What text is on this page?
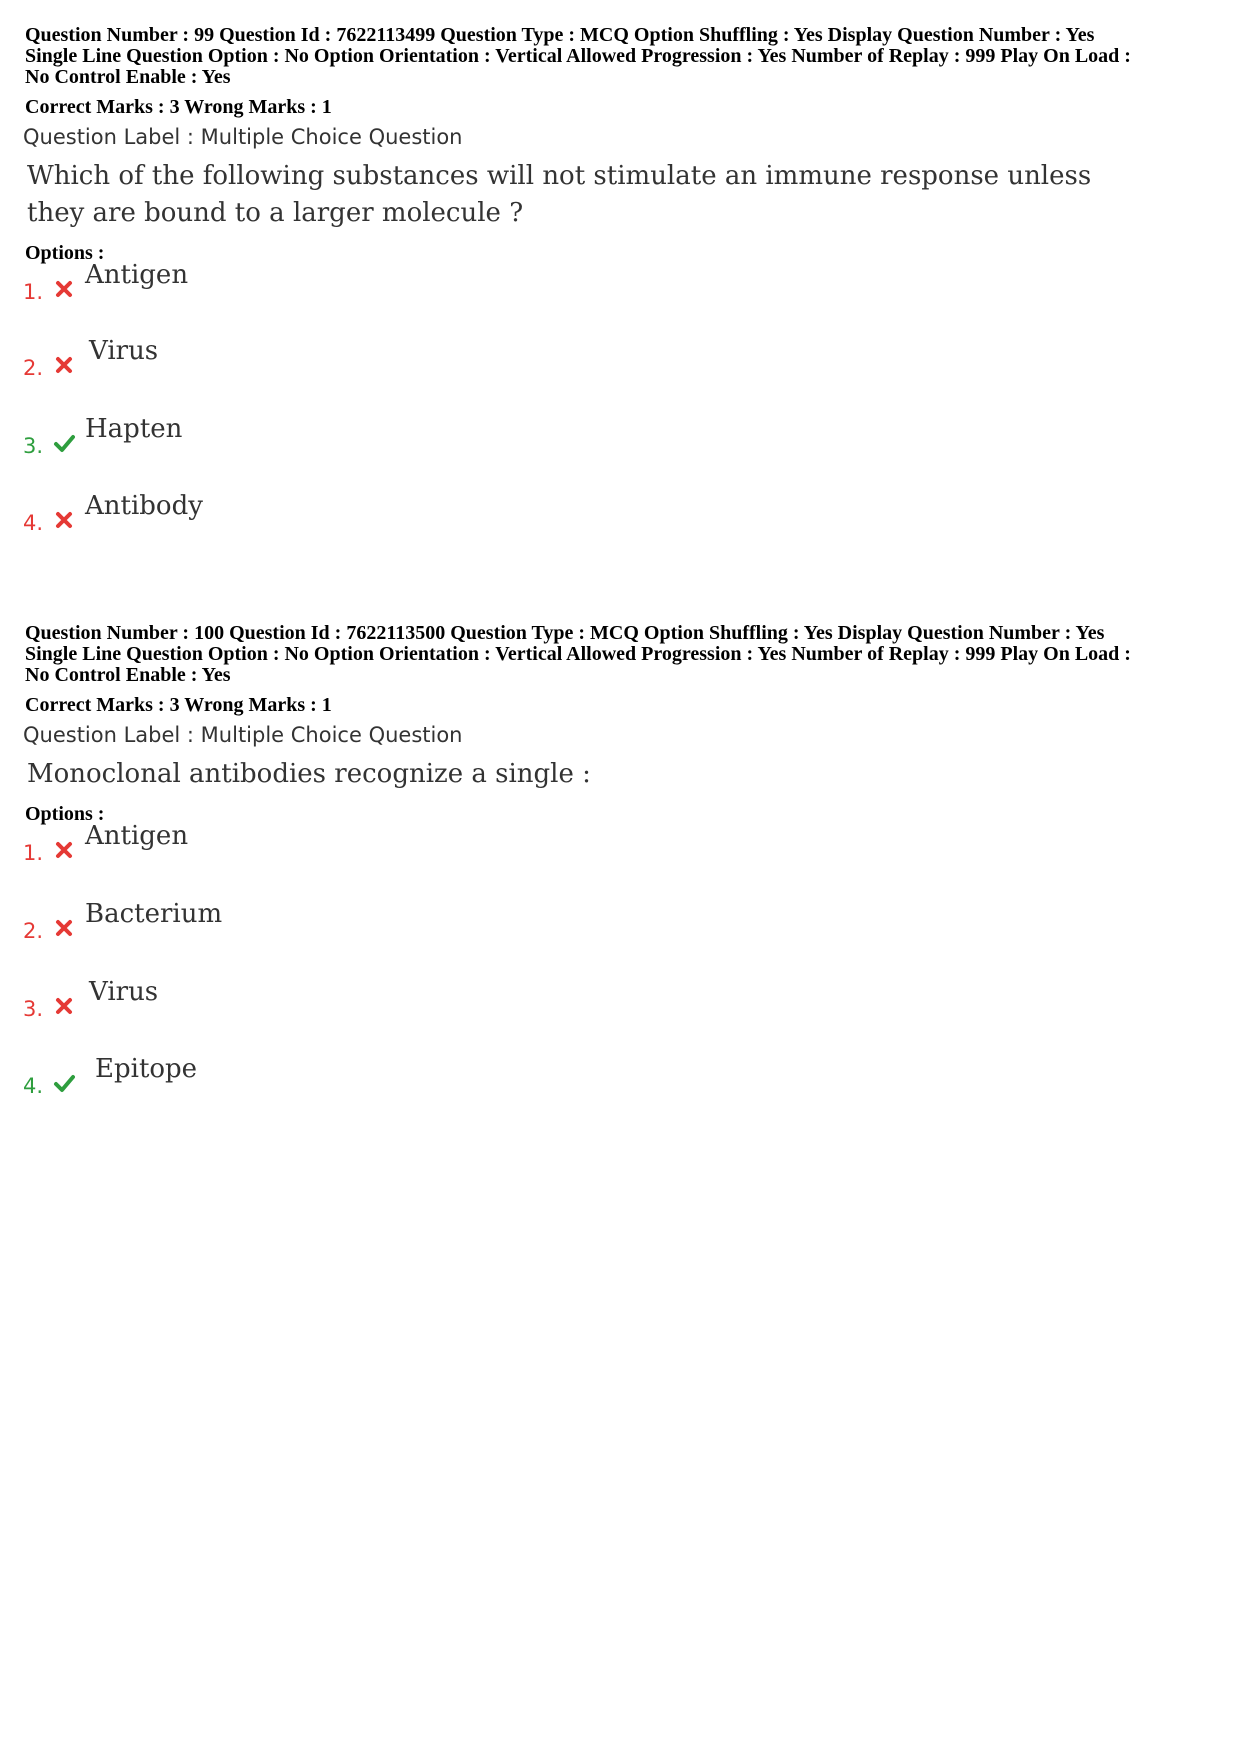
Question Number : 99 Question Id : 7622113499 Question Type : MCQ Option Shuffling : Yes Display Question Number : Yes
Single Line Question Option : No Option Orientation : Vertical Allowed Progression : Yes Number of Replay : 999 Play On Load :
No Control Enable : Yes
Correct Marks : 3 Wrong Marks : 1
Question Label : Multiple Choice Question
Which of the following substances will not stimulate an immune response unless
they are bound to a larger molecule ?
Options :
1.
Antigen
2.
Virus
3.
Hapten
4.
Antibody
Question Number : 100 Question Id : 7622113500 Question Type : MCQ Option Shuffling : Yes Display Question Number : Yes
Single Line Question Option : No Option Orientation : Vertical Allowed Progression : Yes Number of Replay : 999 Play On Load :
No Control Enable : Yes
Correct Marks : 3 Wrong Marks : 1
Question Label : Multiple Choice Question
Monoclonal antibodies recognize a single :
Options :
1.
Antigen
2.
Bacterium
3.
Virus
4.
Epitope
